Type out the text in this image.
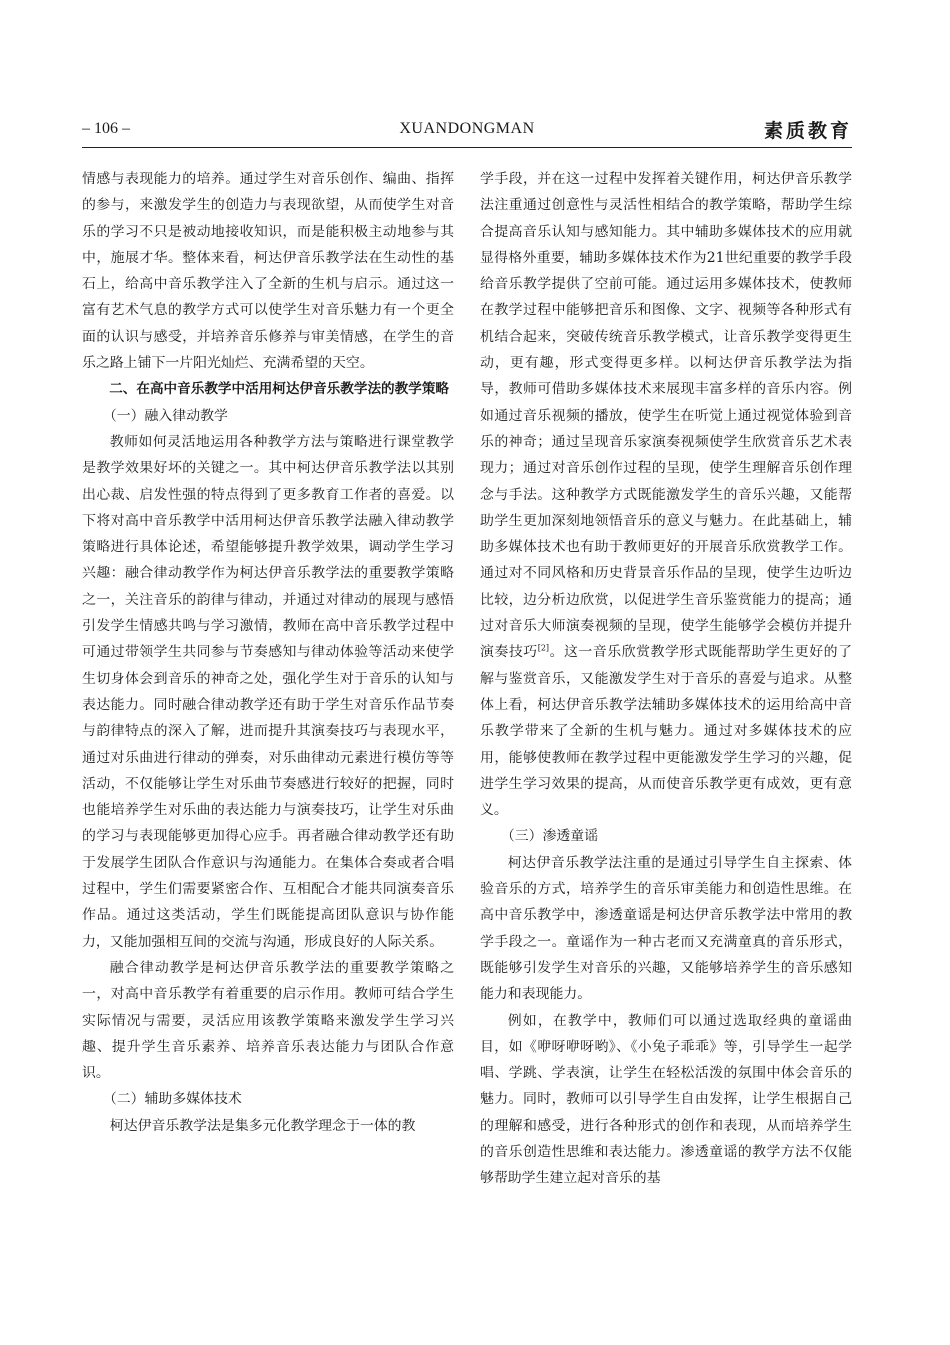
– 106 –	XUANDONGMAN	素质教育

情感与表现能力的培养。通过学生对音乐创作、编曲、指挥的参与，来激发学生的创造力与表现欲望，从而使学生对音乐的学习不只是被动地接收知识，而是能积极主动地参与其中，施展才华。整体来看，柯达伊音乐教学法在生动性的基石上，给高中音乐教学注入了全新的生机与启示。通过这一富有艺术气息的教学方式可以使学生对音乐魅力有一个更全面的认识与感受，并培养音乐修养与审美情感，在学生的音乐之路上铺下一片阳光灿烂、充满希望的天空。

二、在高中音乐教学中活用柯达伊音乐教学法的教学策略

（一）融入律动教学

教师如何灵活地运用各种教学方法与策略进行课堂教学是教学效果好坏的关键之一。其中柯达伊音乐教学法以其别出心裁、启发性强的特点得到了更多教育工作者的喜爱。以下将对高中音乐教学中活用柯达伊音乐教学法融入律动教学策略进行具体论述，希望能够提升教学效果，调动学生学习兴趣：融合律动教学作为柯达伊音乐教学法的重要教学策略之一，关注音乐的韵律与律动，并通过对律动的展现与感悟引发学生情感共鸣与学习激情，教师在高中音乐教学过程中可通过带领学生共同参与节奏感知与律动体验等活动来使学生切身体会到音乐的神奇之处，强化学生对于音乐的认知与表达能力。同时融合律动教学还有助于学生对音乐作品节奏与韵律特点的深入了解，进而提升其演奏技巧与表现水平，通过对乐曲进行律动的弹奏，对乐曲律动元素进行模仿等等活动，不仅能够让学生对乐曲节奏感进行较好的把握，同时也能培养学生对乐曲的表达能力与演奏技巧，让学生对乐曲的学习与表现能够更加得心应手。再者融合律动教学还有助于发展学生团队合作意识与沟通能力。在集体合奏或者合唱过程中，学生们需要紧密合作、互相配合才能共同演奏音乐作品。通过这类活动，学生们既能提高团队意识与协作能力，又能加强相互间的交流与沟通，形成良好的人际关系。

融合律动教学是柯达伊音乐教学法的重要教学策略之一，对高中音乐教学有着重要的启示作用。教师可结合学生实际情况与需要，灵活应用该教学策略来激发学生学习兴趣、提升学生音乐素养、培养音乐表达能力与团队合作意识。

（二）辅助多媒体技术

柯达伊音乐教学法是集多元化教学理念于一体的教

学手段，并在这一过程中发挥着关键作用，柯达伊音乐教学法注重通过创意性与灵活性相结合的教学策略，帮助学生综合提高音乐认知与感知能力。其中辅助多媒体技术的应用就显得格外重要，辅助多媒体技术作为21世纪重要的教学手段给音乐教学提供了空前可能。通过运用多媒体技术，使教师在教学过程中能够把音乐和图像、文字、视频等各种形式有机结合起来，突破传统音乐教学模式，让音乐教学变得更生动，更有趣，形式变得更多样。以柯达伊音乐教学法为指导，教师可借助多媒体技术来展现丰富多样的音乐内容。例如通过音乐视频的播放，使学生在听觉上通过视觉体验到音乐的神奇；通过呈现音乐家演奏视频使学生欣赏音乐艺术表现力；通过对音乐创作过程的呈现，使学生理解音乐创作理念与手法。这种教学方式既能激发学生的音乐兴趣，又能帮助学生更加深刻地领悟音乐的意义与魅力。在此基础上，辅助多媒体技术也有助于教师更好的开展音乐欣赏教学工作。通过对不同风格和历史背景音乐作品的呈现，使学生边听边比较，边分析边欣赏，以促进学生音乐鉴赏能力的提高；通过对音乐大师演奏视频的呈现，使学生能够学会模仿并提升演奏技巧[2]。这一音乐欣赏教学形式既能帮助学生更好的了解与鉴赏音乐，又能激发学生对于音乐的喜爱与追求。从整体上看，柯达伊音乐教学法辅助多媒体技术的运用给高中音乐教学带来了全新的生机与魅力。通过对多媒体技术的应用，能够使教师在教学过程中更能激发学生学习的兴趣，促进学生学习效果的提高，从而使音乐教学更有成效，更有意义。

（三）渗透童谣

柯达伊音乐教学法注重的是通过引导学生自主探索、体验音乐的方式，培养学生的音乐审美能力和创造性思维。在高中音乐教学中，渗透童谣是柯达伊音乐教学法中常用的教学手段之一。童谣作为一种古老而又充满童真的音乐形式，既能够引发学生对音乐的兴趣，又能够培养学生的音乐感知能力和表现能力。

例如，在教学中，教师们可以通过选取经典的童谣曲目，如《咿呀咿呀哟》、《小兔子乖乖》等，引导学生一起学唱、学跳、学表演，让学生在轻松活泼的氛围中体会音乐的魅力。同时，教师可以引导学生自由发挥，让学生根据自己的理解和感受，进行各种形式的创作和表现，从而培养学生的音乐创造性思维和表达能力。渗透童谣的教学方法不仅能够帮助学生建立起对音乐的基
